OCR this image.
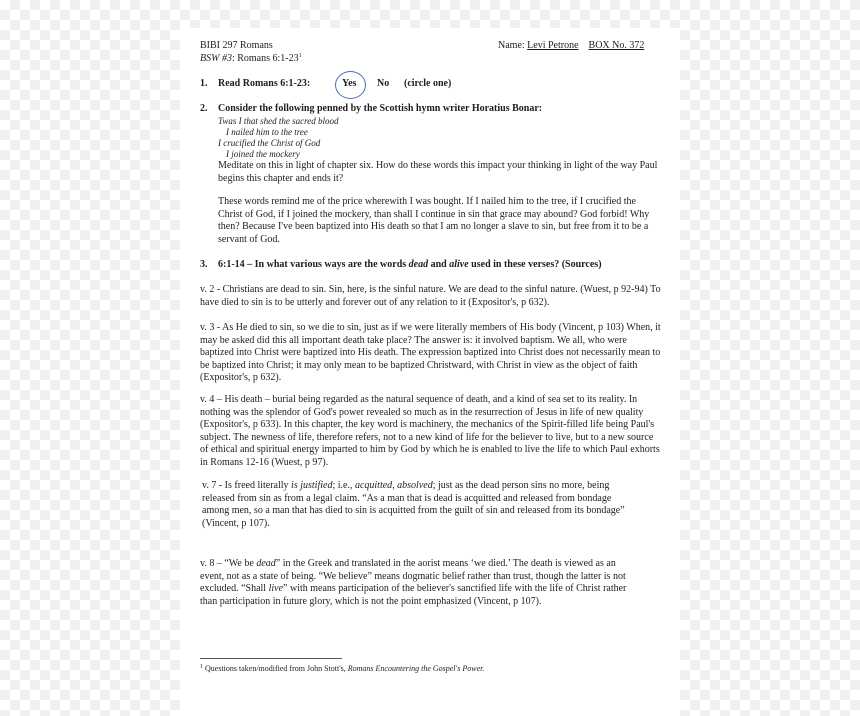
BIBI 297 Romans	Name: Levi Petrone BOX No. 372
BSW #3: Romans $6:1-23^1$
1. Read Romans 6:1-23:	Yes No (circle one)
2. Consider the following penned by the Scottish hymn writer Horatius Bonar:
Twas I that shed the sacred blood
I nailed him to the tree
I crucified the Christ of God
I joined the mockery
Meditate on this in light of chapter six. How do these words this impact your thinking in light of the way Paul begins this chapter and ends it?
These words remind me of the price wherewith I was bought. If I nailed him to the tree, if I crucified the Christ of God, if I joined the mockery, than shall I continue in sin that grace may abound? God forbid! Why then? Because I've been baptized into His death so that I am no longer a slave to sin, but free from it to be a servant of God.
3. 6:1-14 – In what various ways are the words dead and alive used in these verses? (Sources)
v. 2 - Christians are dead to sin. Sin, here, is the sinful nature. We are dead to the sinful nature. (Wuest, p 92-94) To have died to sin is to be utterly and forever out of any relation to it (Expositor's, p 632).
v. 3 - As He died to sin, so we die to sin, just as if we were literally members of His body (Vincent, p 103) When, it may be asked did this all important death take place? The answer is: it involved baptism. We all, who were baptized into Christ were baptized into His death. The expression baptized into Christ does not necessarily mean to be baptized into Christ; it may only mean to be baptized Christward, with Christ in view as the object of faith (Expositor's, p 632).
v. 4 – His death – burial being regarded as the natural sequence of death, and a kind of sea set to its reality. In nothing was the splendor of God's power revealed so much as in the resurrection of Jesus in life of new quality (Expositor's, p 633). In this chapter, the key word is machinery, the mechanics of the Spirit-filled life being Paul's subject. The newness of life, therefore refers, not to a new kind of life for the believer to live, but to a new source of ethical and spiritual energy imparted to him by God by which he is enabled to live the life to which Paul exhorts in Romans 12-16 (Wuest, p 97).
v. 7 - Is freed literally is justified; i.e., acquitted, absolved; just as the dead person sins no more, being released from sin as from a legal claim. “As a man that is dead is acquitted and released from bondage among men, so a man that has died to sin is acquitted from the guilt of sin and released from its bondage” (Vincent, p 107).
v. 8 – “We be dead” in the Greek and translated in the aorist means ‘we died.’ The death is viewed as an event, not as a state of being. “We believe” means dogmatic belief rather than trust, though the latter is not excluded. “Shall live” with means participation of the believer's sanctified life with the life of Christ rather than participation in future glory, which is not the point emphasized (Vincent, p 107).
$^1$ Questions taken/modified from John Stott's, Romans Encountering the Gospel's Power.
